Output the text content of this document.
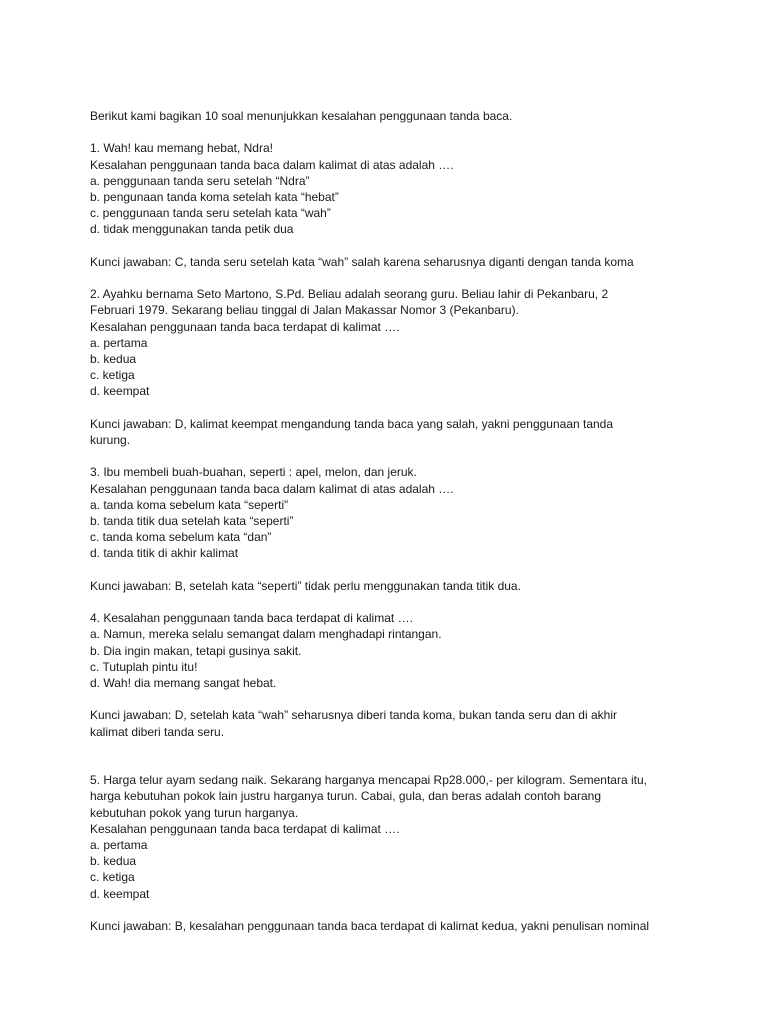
Berikut kami bagikan 10 soal menunjukkan kesalahan penggunaan tanda baca.
1. Wah! kau memang hebat, Ndra!
Kesalahan penggunaan tanda baca dalam kalimat di atas adalah ….
a. penggunaan tanda seru setelah “Ndra”
b. pengunaan tanda koma setelah kata “hebat”
c. penggunaan tanda seru setelah kata “wah”
d. tidak menggunakan tanda petik dua
Kunci jawaban: C, tanda seru setelah kata “wah” salah karena seharusnya diganti dengan tanda koma
2. Ayahku bernama Seto Martono, S.Pd. Beliau adalah seorang guru. Beliau lahir di Pekanbaru, 2
Februari 1979. Sekarang beliau tinggal di Jalan Makassar Nomor 3 (Pekanbaru).
Kesalahan penggunaan tanda baca terdapat di kalimat ….
a. pertama
b. kedua
c. ketiga
d. keempat
Kunci jawaban: D, kalimat keempat mengandung tanda baca yang salah, yakni penggunaan tanda
kurung.
3. Ibu membeli buah-buahan, seperti : apel, melon, dan jeruk.
Kesalahan penggunaan tanda baca dalam kalimat di atas adalah ….
a. tanda koma sebelum kata “seperti”
b. tanda titik dua setelah kata “seperti”
c. tanda koma sebelum kata “dan”
d. tanda titik di akhir kalimat
Kunci jawaban: B, setelah kata “seperti” tidak perlu menggunakan tanda titik dua.
4. Kesalahan penggunaan tanda baca terdapat di kalimat ….
a. Namun, mereka selalu semangat dalam menghadapi rintangan.
b. Dia ingin makan, tetapi gusinya sakit.
c. Tutuplah pintu itu!
d. Wah! dia memang sangat hebat.
Kunci jawaban: D, setelah kata “wah” seharusnya diberi tanda koma, bukan tanda seru dan di akhir
kalimat diberi tanda seru.
5. Harga telur ayam sedang naik. Sekarang harganya mencapai Rp28.000,- per kilogram. Sementara itu,
harga kebutuhan pokok lain justru harganya turun. Cabai, gula, dan beras adalah contoh barang
kebutuhan pokok yang turun harganya.
Kesalahan penggunaan tanda baca terdapat di kalimat ….
a. pertama
b. kedua
c. ketiga
d. keempat
Kunci jawaban: B, kesalahan penggunaan tanda baca terdapat di kalimat kedua, yakni penulisan nominal
